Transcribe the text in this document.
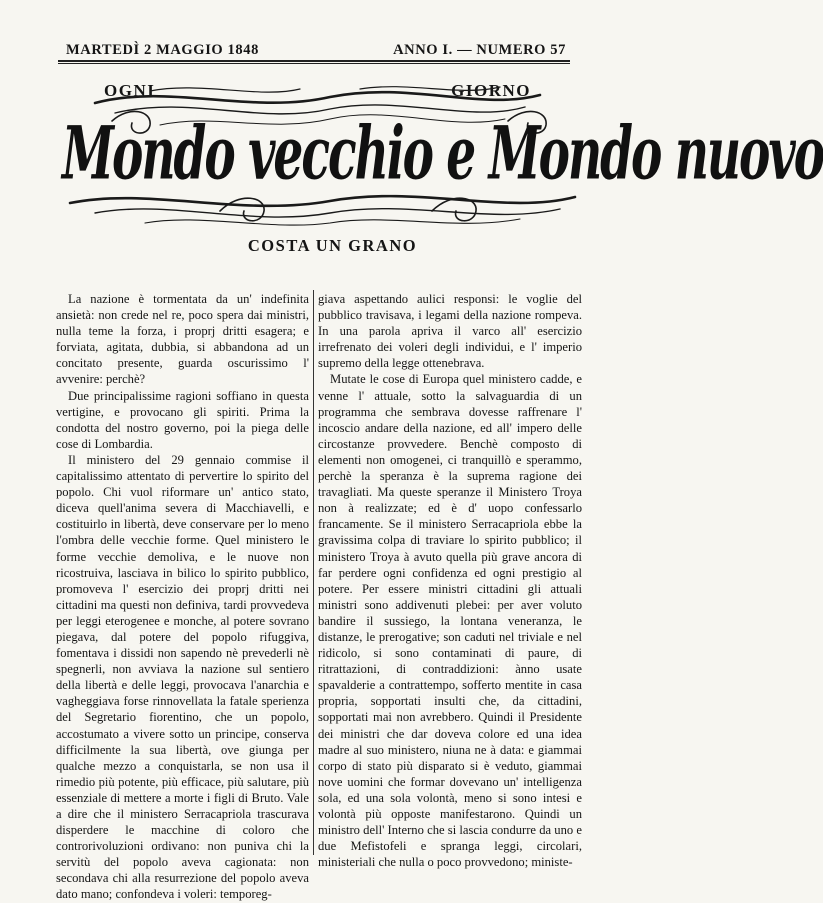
MARTEDÌ 2 MAGGIO 1848	ANNO I. — NUMERO 57
OGNI	GIORNO
Mondo vecchio e Mondo nuovo
COSTA UN GRANO

La nazione è tormentata da un' indefinita ansietà: non crede nel re, poco spera dai ministri, nulla teme la forza, i proprj dritti esagera; e forviata, agitata, dubbia, si abbandona ad un concitato presente, guarda oscurissimo l' avvenire: perchè?

Due principalissime ragioni soffiano in questa vertigine, e provocano gli spiriti. Prima la condotta del nostro governo, poi la piega delle cose di Lombardia.

Il ministero del 29 gennaio commise il capitalissimo attentato di pervertire lo spirito del popolo. Chi vuol riformare un' antico stato, diceva quell'anima severa di Macchiavelli, e costituirlo in libertà, deve conservare per lo meno l'ombra delle vecchie forme. Quel ministero le forme vecchie demoliva, e le nuove non ricostruiva, lasciava in bilico lo spirito pubblico, promoveva l' esercizio dei proprj dritti nei cittadini ma questi non definiva, tardi provvedeva per leggi eterogenee e monche, al potere sovrano piegava, dal potere del popolo rifuggiva, fomentava i dissidi non sapendo nè prevederli nè spegnerli, non avviava la nazione sul sentiero della libertà e delle leggi, provocava l'anarchia e vagheggiava forse rinnovellata la fatale sperienza del Segretario fiorentino, che un popolo, accostumato a vivere sotto un principe, conserva difficilmente la sua libertà, ove giunga per qualche mezzo a conquistarla, se non usa il rimedio più potente, più efficace, più salutare, più essenziale di mettere a morte i figli di Bruto. Vale a dire che il ministero Serracapriola trascurava disperdere le macchine di coloro che controrivoluzioni ordivano: non puniva chi la servitù del popolo aveva cagionata: non secondava chi alla resurrezione del popolo aveva dato mano; confondeva i voleri: temporeg-

giava aspettando aulici responsi: le voglie del pubblico travisava, i legami della nazione rompeva. In una parola apriva il varco all' esercizio irrefrenato dei voleri degli individui, e l' imperio supremo della legge ottenebrava.

Mutate le cose di Europa quel ministero cadde, e venne l' attuale, sotto la salvaguardia di un programma che sembrava dovesse raffrenare l' incoscio andare della nazione, ed all' impero delle circostanze provvedere. Benchè composto di elementi non omogenei, ci tranquillò e sperammo, perchè la speranza è la suprema ragione dei travagliati. Ma queste speranze il Ministero Troya non à realizzate; ed è d' uopo confessarlo francamente. Se il ministero Serracapriola ebbe la gravissima colpa di traviare lo spirito pubblico; il ministero Troya à avuto quella più grave ancora di far perdere ogni confidenza ed ogni prestigio al potere. Per essere ministri cittadini gli attuali ministri sono addivenuti plebei: per aver voluto bandire il sussiego, la lontana veneranza, le distanze, le prerogative; son caduti nel triviale e nel ridicolo, si sono contaminati di paure, di ritrattazioni, di contraddizioni: ànno usate spavalderie a contrattempo, sofferto mentite in casa propria, sopportati insulti che, da cittadini, sopportati mai non avrebbero. Quindi il Presidente dei ministri che dar doveva colore ed una idea madre al suo ministero, niuna ne à data: e giammai corpo di stato più disparato si è veduto, giammai nove uomini che formar dovevano un' intelligenza sola, ed una sola volontà, meno si sono intesi e volontà più opposte manifestarono. Quindi un ministro dell' Interno che si lascia condurre da uno e due Mefistofeli e spranga leggi, circolari, ministeriali che nulla o poco provvedono; ministe-
